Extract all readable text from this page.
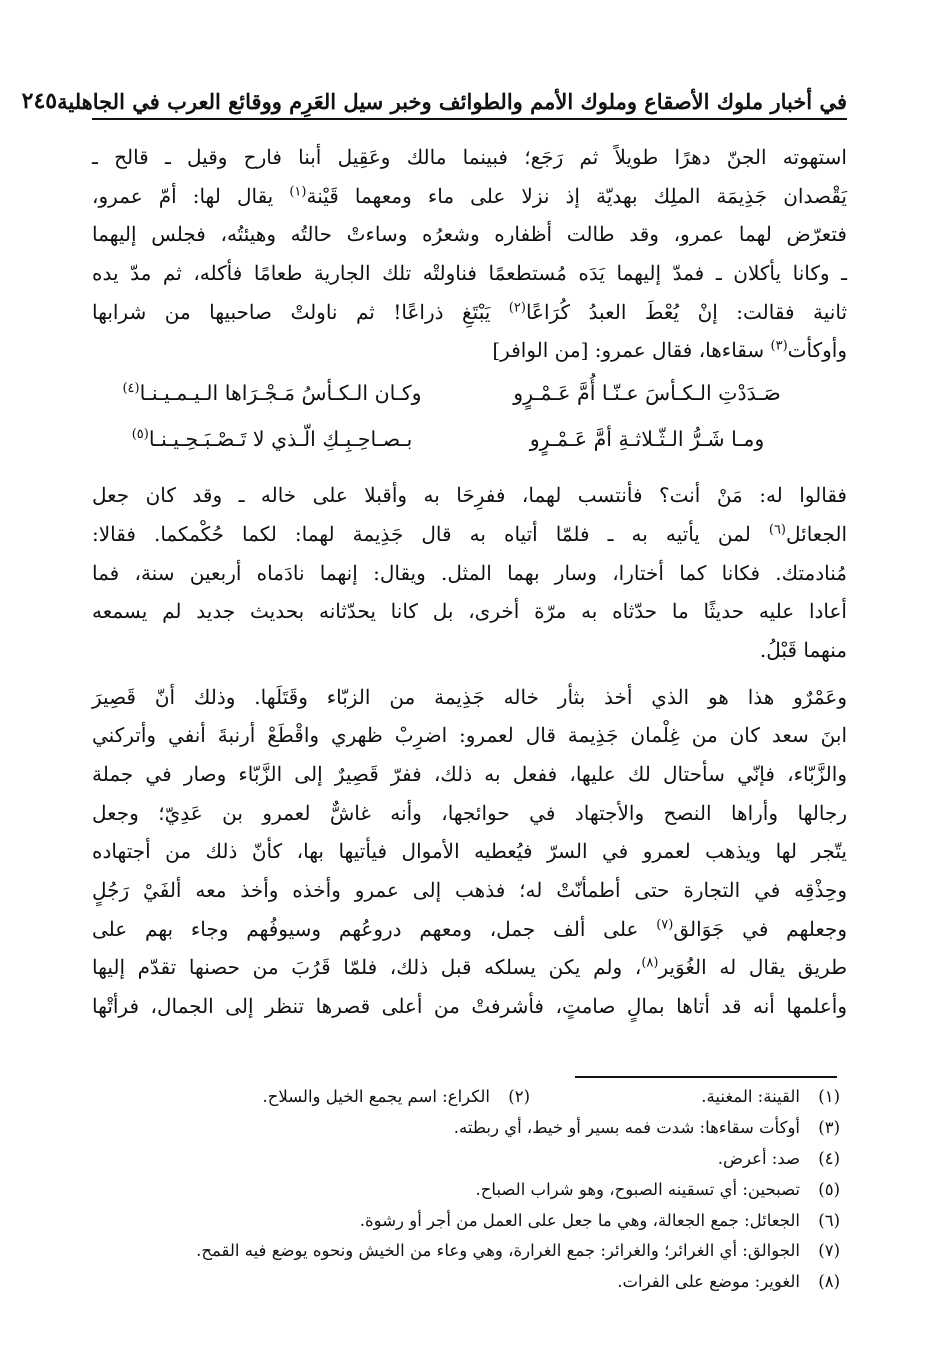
في أخبار ملوك الأصقاع وملوك الأمم والطوائف وخبر سيل العَرِم ووقائع العرب في الجاهلية
٢٤٥
استهوته الجنّ دهرًا طويلاً ثم رَجَع؛ فبينما مالك وعَقِيل أبنا فارح وقيل ـ قالح ـ
يَقْصدان جَذِيمَة الملِك بهديّة إذ نزلا على ماء ومعهما قَيْنة$^{(١)}$ يقال لها: أمّ عمرو،
فتعرّض لهما عمرو، وقد طالت أظفاره وشعرُه وساءتْ حالتُه وهيئتُه، فجلس إليهما
ـ وكانا يأكلان ـ فمدّ إليهما يَدَه مُستطعمًا فناولتْه تلك الجارية طعامًا فأكله، ثم مدّ يده
ثانية فقالت: إنْ يُعْطَ العبدُ كُرَاعًا$^{(٢)}$ يَبْتَغِ ذراعًا! ثم ناولتْ صاحبيها من شرابها
وأوكأت$^{(٣)}$ سقاءها، فقال عمرو: [من الوافر]
صَـدَدْتِ الـكـأسَ عـنّـا أُمَّ عَـمْـرٍو
وكـان الـكـأسُ مَـجْـرَاها الـيـمـيـنـا$^{(٤)}$
ومـا شَـرُّ الـثّـلاثـةِ أمَّ عَـمْـرٍو
بـصـاحِـبِـكِ الّـذي لا تَـصْـبَـحِـيـنـا$^{(٥)}$
فقالوا له: مَنْ أنت؟ فأنتسب لهما، ففرِحَا به وأقبلا على خاله ـ وقد كان جعل
الجعائل$^{(٦)}$ لمن يأتيه به ـ فلمّا أتياه به قال جَذِيمة لهما: لكما حُكْمكما. فقالا:
مُنادمتك. فكانا كما أختارا، وسار بهما المثل. ويقال: إنهما نادَماه أربعين سنة، فما
أعادا عليه حديثًا ما حدّثاه به مرّة أخرى، بل كانا يحدّثانه بحديث جديد لم يسمعه
منهما قَبْلُ.
وعَمْرٌو هذا هو الذي أخذ بثأر خاله جَذِيمة من الزبّاء وقَتَلَها. وذلك أنّ قَصِيرَ
ابنَ سعد كان من غِلْمان جَذِيمة قال لعمرو: اضرِبْ ظهري واقْطَعْ أرنبةَ أنفي وأتركني
والزَّبّاء، فإنّي سأحتال لك عليها، ففعل به ذلك، ففرّ قَصِيرٌ إلى الزَّبّاء وصار في جملة
رجالها وأراها النصح والأجتهاد في حوائجها، وأنه غاشٌّ لعمرو بن عَدِيّ؛ وجعل
يتّجر لها ويذهب لعمرو في السرّ فيُعطيه الأموال فيأتيها بها، كأنّ ذلك من أجتهاده
وحِذْقِه في التجارة حتى أطمأنّتْ له؛ فذهب إلى عمرو وأخذه وأخذ معه ألفَيْ رَجُلٍ
وجعلهم في جَوَالق$^{(٧)}$ على ألف جمل، ومعهم دروعُهم وسيوفُهم وجاء بهم على
طريق يقال له الغُوَير$^{(٨)}$، ولم يكن يسلكه قبل ذلك، فلمّا قَرُبَ من حصنها تقدّم إليها
وأعلمها أنه قد أتاها بمالٍ صامتٍ، فأشرفتْ من أعلى قصرها تنظر إلى الجمال، فرأتْها
(١)
القينة: المغنية.
(٢)
الكراع: اسم يجمع الخيل والسلاح.
(٣)
أوكأت سقاءها: شدت فمه بسير أو خيط، أي ربطته.
(٤)
صد: أعرض.
(٥)
تصبحين: أي تسقينه الصبوح، وهو شراب الصباح.
(٦)
الجعائل: جمع الجعالة، وهي ما جعل على العمل من أجر أو رشوة.
(٧)
الجوالق: أي الغرائر؛ والغرائر: جمع الغرارة، وهي وعاء من الخيش ونحوه يوضع فيه القمح.
(٨)
الغوير: موضع على الفرات.
